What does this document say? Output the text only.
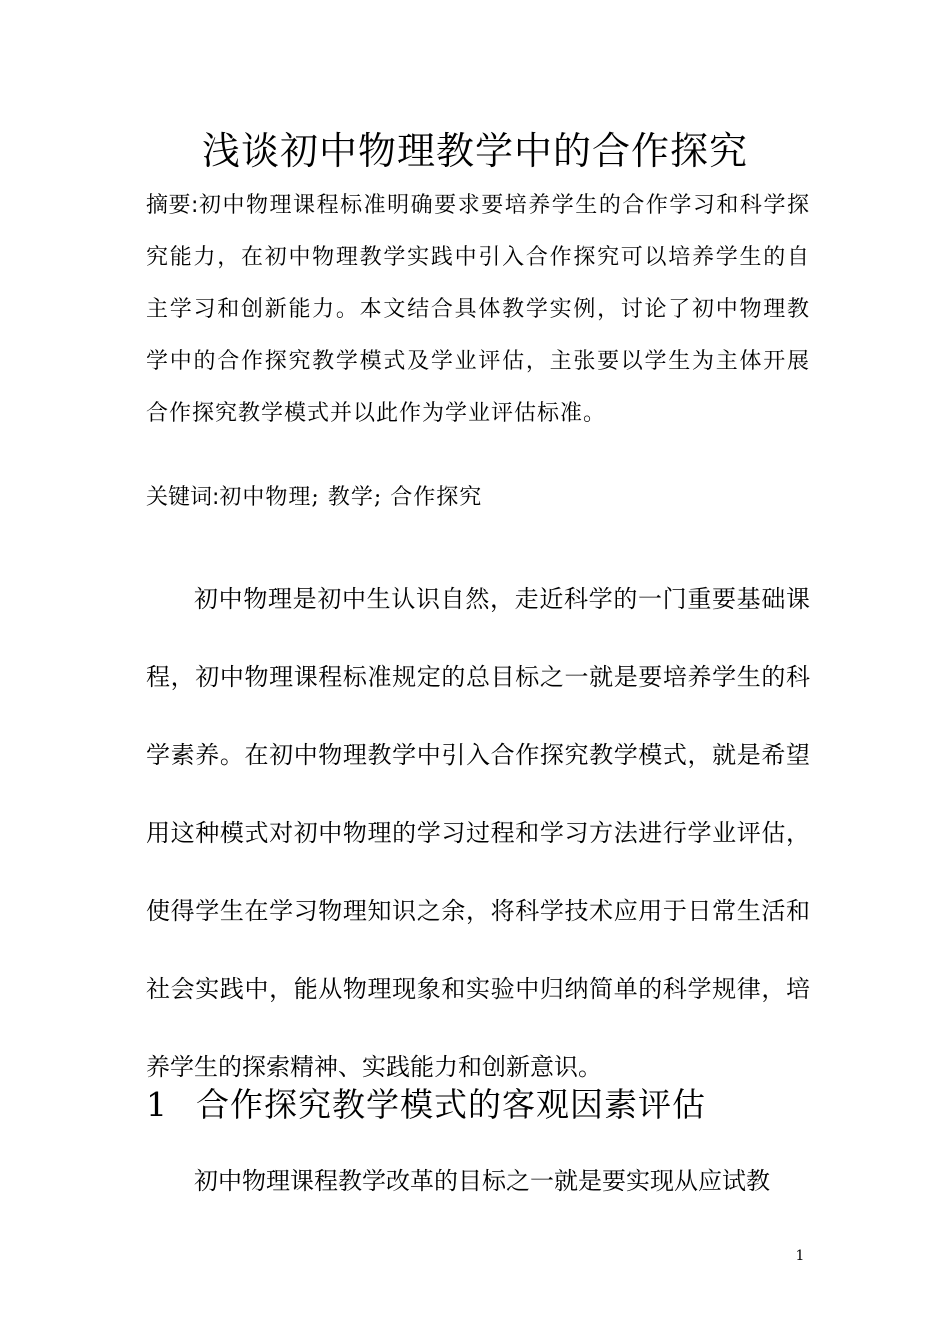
浅谈初中物理教学中的合作探究
摘要:初中物理课程标准明确要求要培养学生的合作学习和科学探究能力，在初中物理教学实践中引入合作探究可以培养学生的自主学习和创新能力。本文结合具体教学实例，讨论了初中物理教学中的合作探究教学模式及学业评估，主张要以学生为主体开展合作探究教学模式并以此作为学业评估标准。
关键词:初中物理; 教学; 合作探究
初中物理是初中生认识自然，走近科学的一门重要基础课程，初中物理课程标准规定的总目标之一就是要培养学生的科学素养。在初中物理教学中引入合作探究教学模式，就是希望用这种模式对初中物理的学习过程和学习方法进行学业评估，使得学生在学习物理知识之余，将科学技术应用于日常生活和社会实践中，能从物理现象和实验中归纳简单的科学规律，培养学生的探索精神、实践能力和创新意识。
1 合作探究教学模式的客观因素评估
初中物理课程教学改革的目标之一就是要实现从应试教
1
